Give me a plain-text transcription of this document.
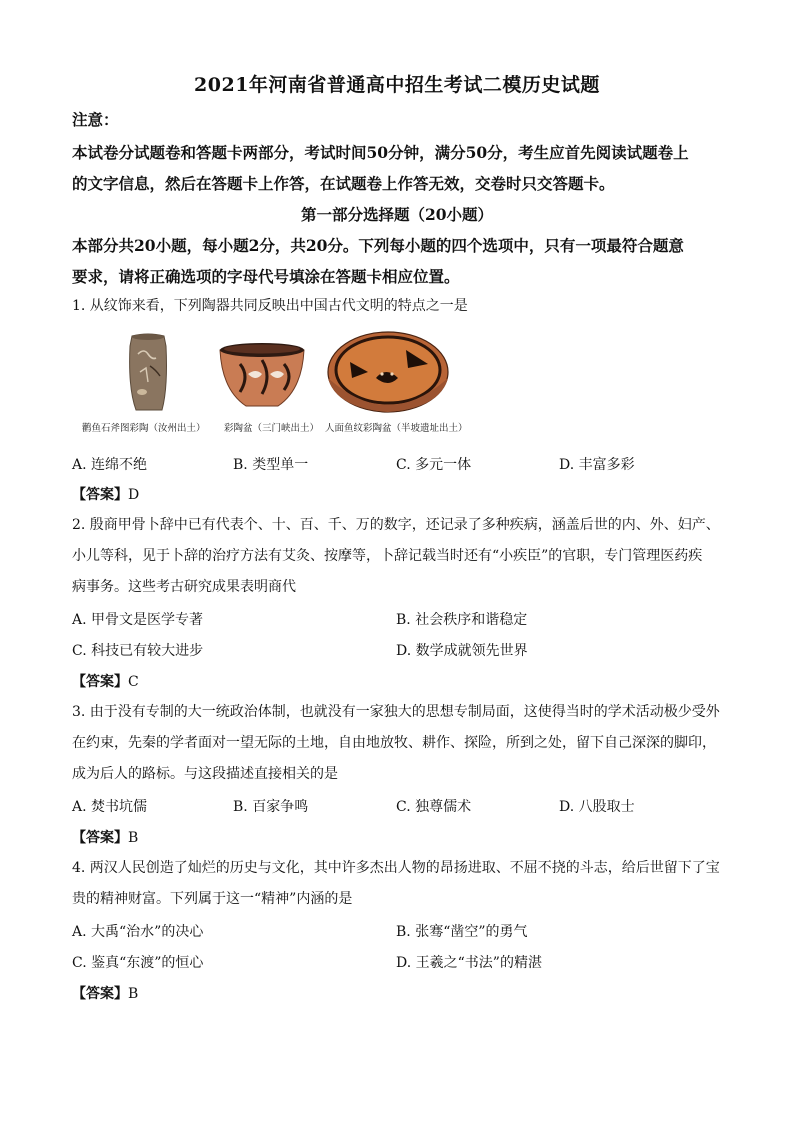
2021年河南省普通高中招生考试二模历史试题
注意：
本试卷分试题卷和答题卡两部分，考试时间50分钟，满分50分，考生应首先阅读试题卷上
的文字信息，然后在答题卡上作答，在试题卷上作答无效，交卷时只交答题卡。
第一部分选择题（20小题）
本部分共20小题，每小题2分，共20分。下列每小题的四个选项中，只有一项最符合题意
要求，请将正确选项的字母代号填涂在答题卡相应位置。
1. 从纹饰来看，下列陶器共同反映出中国古代文明的特点之一是
鹳鱼石斧图彩陶（汝州出土） 彩陶盆（三门峡出土） 人面鱼纹彩陶盆（半坡遗址出土）
A. 连绵不绝	B. 类型单一	C. 多元一体	D. 丰富多彩
【答案】D
2. 殷商甲骨卜辞中已有代表个、十、百、千、万的数字，还记录了多种疾病，涵盖后世的内、外、妇产、
小儿等科，见于卜辞的治疗方法有艾灸、按摩等，卜辞记载当时还有“小疾臣”的官职，专门管理医药疾
病事务。这些考古研究成果表明商代
A. 甲骨文是医学专著	B. 社会秩序和谐稳定
C. 科技已有较大进步	D. 数学成就领先世界
【答案】C
3. 由于没有专制的大一统政治体制，也就没有一家独大的思想专制局面，这使得当时的学术活动极少受外
在约束，先秦的学者面对一望无际的土地，自由地放牧、耕作、探险，所到之处，留下自己深深的脚印，
成为后人的路标。与这段描述直接相关的是
A. 焚书坑儒	B. 百家争鸣	C. 独尊儒术	D. 八股取士
【答案】B
4. 两汉人民创造了灿烂的历史与文化，其中许多杰出人物的昂扬进取、不屈不挠的斗志，给后世留下了宝
贵的精神财富。下列属于这一“精神”内涵的是
A. 大禹“治水”的决心	B. 张骞“凿空”的勇气
C. 鉴真“东渡”的恒心	D. 王羲之“书法”的精湛
【答案】B
